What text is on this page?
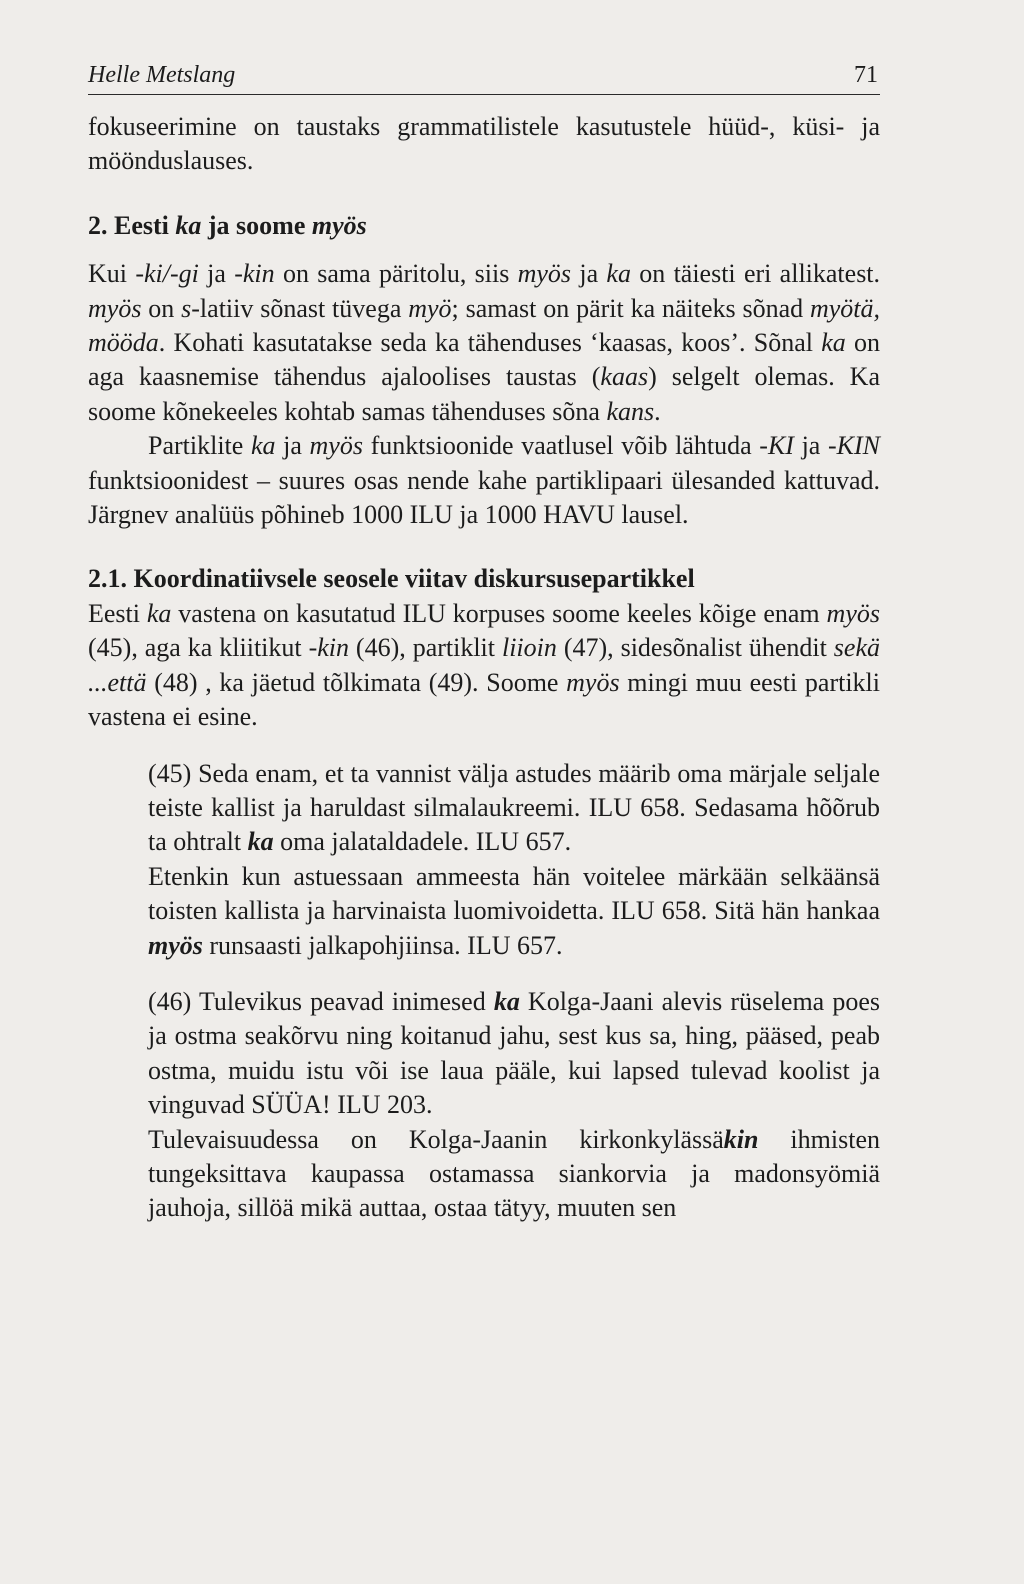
Helle Metslang	71

fokuseerimine on taustaks grammatilistele kasutustele hüüd-, küsi- ja möönduslauses.

2. Eesti ka ja soome myös

Kui -ki/-gi ja -kin on sama päritolu, siis myös ja ka on täiesti eri allikatest. myös on s-latiiv sõnast tüvega myö; samast on pärit ka näiteks sõnad myötä, mööda. Kohati kasutatakse seda ka tähenduses ‘kaasas, koos’. Sõnal ka on aga kaasnemise tähendus ajaloolises taustas (kaas) selgelt olemas. Ka soome kõnekeeles kohtab samas tähenduses sõna kans.

Partiklite ka ja myös funktsioonide vaatlusel võib lähtuda -KI ja -KIN funktsioonidest – suures osas nende kahe partiklipaari ülesanded kattuvad. Järgnev analüüs põhineb 1000 ILU ja 1000 HAVU lausel.

2.1. Koordinatiivsele seosele viitav diskursusepartikkel

Eesti ka vastena on kasutatud ILU korpuses soome keeles kõige enam myös (45), aga ka kliitikut -kin (46), partiklit liioin (47), sidesõnalist ühendit sekä ...että (48) , ka jäetud tõlkimata (49). Soome myös mingi muu eesti partikli vastena ei esine.

(45) Seda enam, et ta vannist välja astudes määrib oma märjale seljale teiste kallist ja haruldast silmalaukreemi. ILU 658. Sedasama hõõrub ta ohtralt ka oma jalataldadele. ILU 657.

Etenkin kun astuessaan ammeesta hän voitelee märkään selkäänsä toisten kallista ja harvinaista luomivoidetta. ILU 658. Sitä hän hankaa myös runsaasti jalkapohjiinsa. ILU 657.

(46) Tulevikus peavad inimesed ka Kolga-Jaani alevis rüselema poes ja ostma seakõrvu ning koitanud jahu, sest kus sa, hing, pääsed, peab ostma, muidu istu või ise laua pääle, kui lapsed tulevad koolist ja vinguvad SÜÜA! ILU 203.

Tulevaisuudessa on Kolga-Jaanin kirkonkylässäkin ihmisten tungeksittava kaupassa ostamassa siankorvia ja madonsyömiä jauhoja, sillöä mikä auttaa, ostaa tätyy, muuten sen
